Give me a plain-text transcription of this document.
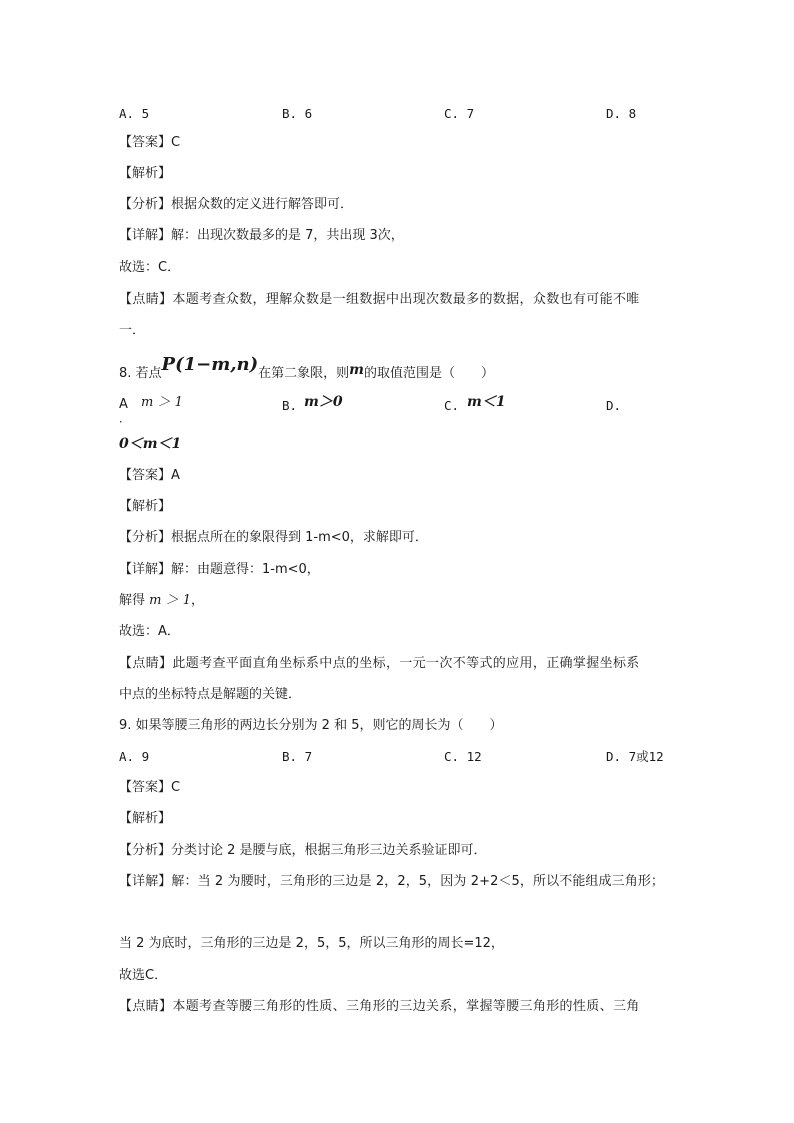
A. 5	B. 6	C. 7	D. 8
【答案】C
【解析】
【分析】根据众数的定义进行解答即可．
【详解】解：出现次数最多的是 7，共出现 3次，
故选：C．
【点睛】本题考查众数，理解众数是一组数据中出现次数最多的数据，众数也有可能不唯
一．
8. 若点P(1−m,n)在第二象限，则m的取值范围是（　　）
A
．
m ＞ 1	B. m＞0	C. m＜1	D.
0＜m＜1
【答案】A
【解析】
【分析】根据点所在的象限得到 1-m<0，求解即可．
【详解】解：由题意得：1-m<0，
解得 m ＞ 1，
故选：A．
【点睛】此题考查平面直角坐标系中点的坐标，一元一次不等式的应用，正确掌握坐标系
中点的坐标特点是解题的关键．
9. 如果等腰三角形的两边长分别为 2 和 5，则它的周长为（　　）
A. 9	B. 7	C. 12	D. 7或12
【答案】C
【解析】
【分析】分类讨论 2 是腰与底，根据三角形三边关系验证即可．
【详解】解：当 2 为腰时，三角形的三边是 2，2，5，因为 2+2＜5，所以不能组成三角形；
当 2 为底时，三角形的三边是 2，5，5，所以三角形的周长=12，
故选C．
【点睛】本题考查等腰三角形的性质、三角形的三边关系，掌握等腰三角形的性质、三角
